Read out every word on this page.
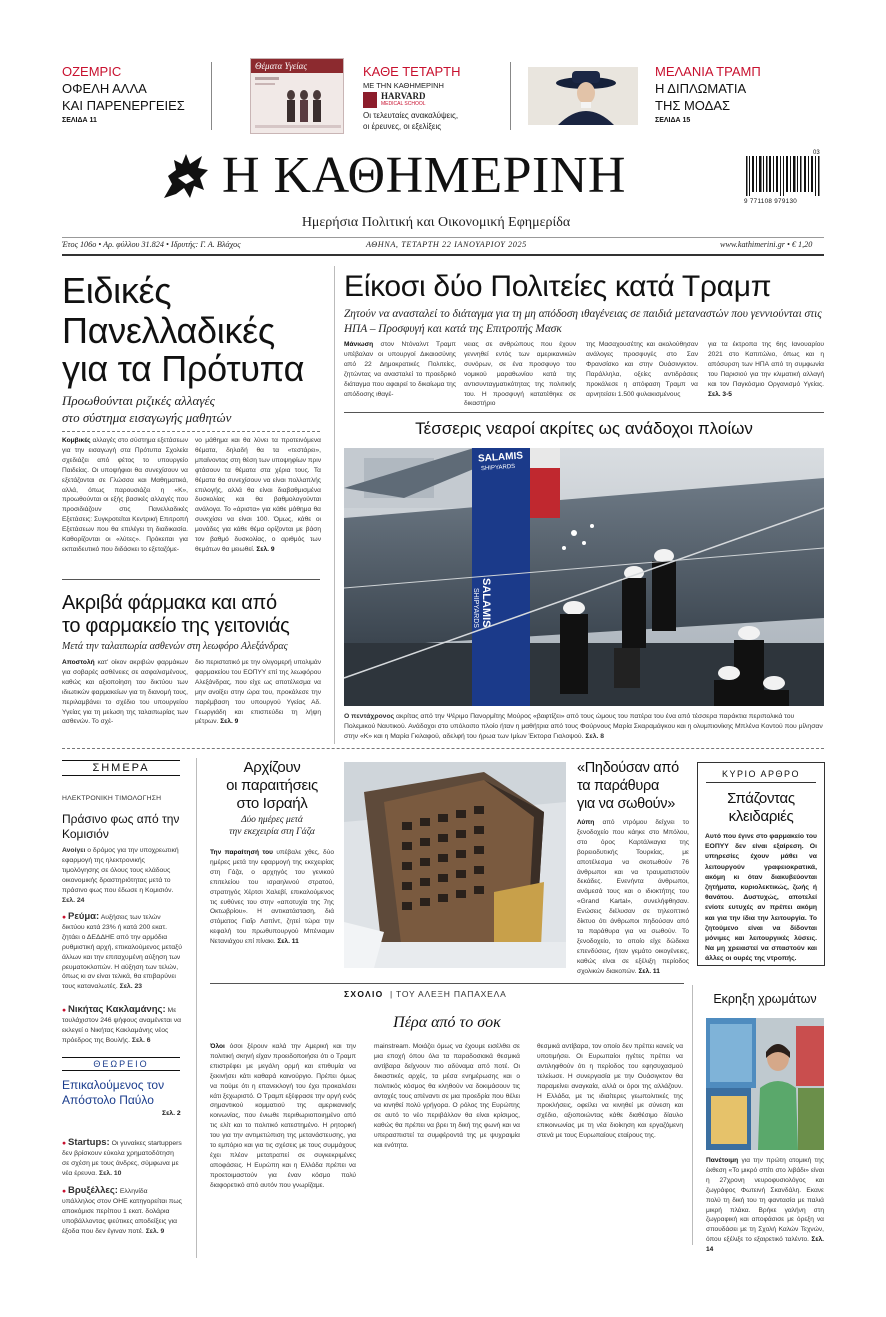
OZEMPIC
ΟΦΕΛΗ ΑΛΛΑ
ΚΑΙ ΠΑΡΕΝΕΡΓΕΙΕΣ
ΣΕΛΙΔΑ 11
Θέματα Υγείας	ΚΑΘΕ ΤΕΤΑΡΤΗ
ΜΕ ΤΗΝ ΚΑΘΗΜΕΡΙΝΗ
HARVARD
MEDICAL SCHOOL
Οι τελευταίες ανακαλύψεις,
οι έρευνες, οι εξελίξεις
ΜΕΛΑΝΙΑ ΤΡΑΜΠ
Η ΔΙΠΛΩΜΑΤΙΑ
ΤΗΣ ΜΟΔΑΣ
ΣΕΛΙΔΑ 15
Η ΚΑΘΗΜΕΡΙΝΗ
Ημερήσια Πολιτική και Οικονομική Εφημερίδα
03
9 771108 979130
Έτος 106ο • Αρ. φύλλου 31.824 • Ιδρυτής: Γ. Α. Βλάχος	ΑΘΗΝΑ, ΤΕΤΑΡΤΗ 22 ΙΑΝΟΥΑΡΙΟΥ 2025	www.kathimerini.gr • € 1,20
Ειδικές
Πανελλαδικές
για τα Πρότυπα
Προωθούνται ριζικές αλλαγές
στο σύστημα εισαγωγής μαθητών
Κομβικές αλλαγές στο σύστημα εξετάσεων για την εισαγωγή στα Πρότυπα Σχολεία σχεδιάζει από φέτος το υπουργείο Παιδείας. Οι υποψήφιοι θα συνεχίσουν να εξετάζονται σε Γλώσσα και Μαθηματικά, αλλά, όπως παρουσιάζει η «Κ», προωθούνται οι εξής βασικές αλλαγές που προσιδιάζουν στις Πανελλαδικές Εξετάσεις: Συγκροτείται Κεντρική Επιτροπή Εξετάσεων που θα επιλέγει τη διαδικασία. Καθορίζονται οι «λύτες». Πρόκειται για εκπαιδευτικό που διδάσκει το εξεταζόμε-
νο μάθημα και θα λύνει τα προτεινόμενα θέματα, δηλαδή θα τα «τεστάρει», μπαίνοντας στη θέση των υποψηφίων πριν φτάσουν τα θέματα στα χέρια τους. Τα θέματα θα συνεχίσουν να είναι πολλαπλής επιλογής, αλλά θα είναι διαβαθμισμένα δυσκολίας και θα βαθμολογούνται ανάλογα. Το «άριστα» για κάθε μάθημα θα συνεχίσει να είναι 100. Όμως, κάθε οι μονάδες για κάθε θέμα ορίζονται με βάση τον βαθμό δυσκολίας, ο αριθμός των θεμάτων θα μειωθεί. Σελ. 9
Ακριβά φάρμακα και από
το φαρμακείο της γειτονιάς
Μετά την ταλαιπωρία ασθενών στη λεωφόρο Αλεξάνδρας
Αποστολή κατ' οίκον ακριβών φαρμάκων για σοβαρές ασθένειες σε ασφαλισμένους, καθώς και αξιοποίηση του δικτύου των ιδιωτικών φαρμακείων για τη διανομή τους, περιλαμβάνει το σχέδιο του υπουργείου Υγείας για τη μείωση της ταλαιπωρίας των ασθενών. Το σχέ-
διο περιστατικό με την ολιγομερή υπολιμάν φαρμακείου του ΕΟΠΥΥ επί της λεωφόρου Αλεξάνδρας, που είχε ως αποτέλεσμα να μην ανοίξει στην ώρα του, προκάλεσε την παρέμβαση του υπουργού Υγείας Αδ. Γεωργιάδη και επισπεύδει τη λήψη μέτρων. Σελ. 9
Είκοσι δύο Πολιτείες κατά Τραμπ
Ζητούν να ανασταλεί το διάταγμα για τη μη απόδοση ιθαγένειας σε παιδιά μεταναστών που γεννιούνται στις ΗΠΑ – Προσφυγή και κατά της Επιτροπής Μασκ
Μάνιωση στον Ντόναλντ Τραμπ υπέβαλαν οι υπουργοί Δικαιοσύνης από 22 Δημοκρατικές Πολιτείες, ζητώντας να ανασταλεί το προεδρικό διάταγμα που αφαιρεί το δικαίωμα της απόδοσης ιθαγέ-
νειας σε ανθρώπους που έχουν γεννηθεί εντός των αμερικανικών συνόρων, σε ένα προσφυγο του νομικού μαραθωνίου κατά της αντισυνταγματικότητας της πολιτικής του. Η προσφυγή κατατέθηκε σε δικαστήριο
της Μασαχουσέτης και ακολούθησαν ανάλογες προσφυγές στο Σαν Φρανσίσκο και στην Ουάσινγκτον. Παράλληλα, οξείες αντιδράσεις προκάλεσε η απόφαση Τραμπ να αρνητείσει 1.500 φυλακισμένους
για τα έκτροπα της 6ης Ιανουαρίου 2021 στο Καπιτώλιο, όπως και η απόσυρση των ΗΠΑ από τη συμφωνία του Παρισιού για την κλιματική αλλαγή και τον Παγκόσμιο Οργανισμό Υγείας. Σελ. 3-5
Τέσσερις νεαροί ακρίτες ως ανάδοχοι πλοίων
SALAMIS
SHIPYARDS
SALAMIS
SHIPYARDS
Ο πεντάχρονος ακρίτας από την Ψέριμο Πανορμίτης Μούρος «βαφτίζει» από τους ώμους του πατέρα του ένα από τέσσερα παράκτια περιπολικά του Πολεμικού Ναυτικού. Ανάδοχοι στο υπόλοιπο πλοίο ήταν η μαθήτρια από τους Φούρνους Μαρία Σκαραμάγκου και η ολυμπιονίκης Μπλένα Κοντού που μίλησαν στην «Κ» και η Μαρία Γκιλαφού, αδελφή του ήρωα των Ιμίων Έκτορα Γιαλοψού. Σελ. 8
ΣΗΜΕΡΑ
ΗΛΕΚΤΡΟΝΙΚΗ ΤΙΜΟΛΟΓΗΣΗ
Πράσινο φως από την Κομισιόν
Ανοίγει ο δρόμος για την υποχρεωτική εφαρμογή της ηλεκτρονικής τιμολόγησης σε όλους τους κλάδους οικονομικής δραστηριότητας μετά το πράσινο φως που έδωσε η Κομισιόν. Σελ. 24
● Ρεύμα: Αυξήσεις των τελών δικτύου κατά 23% ή κατά 200 εκατ. ζητάει ο ΔΕΔΔΗΕ από την αρμόδια ρυθμιστική αρχή, επικαλούμενος μεταξύ άλλων και την επιταχυμένη αύξηση των ρευματοκλοπών. Η αύξηση των τελών, όπως κι αν είναι τελικά, θα επιβαρύνει τους καταναλωτές. Σελ. 23
● Νικήτας Κακλαμάνης: Με τουλάχιστον 246 ψήφους αναμένεται να εκλεγεί ο Νικήτας Κακλαμάνης νέος πρόεδρος της Βουλής. Σελ. 6
ΘΕΩΡΕΙΟ
Επικαλούμενος τον Απόστολο Παύλο
Σελ. 2
● Startups: Οι γυναίκες startuppers δεν βρίσκουν εύκολα χρηματοδότηση σε σχέση με τους άνδρες, σύμφωνα με νέα έρευνα. Σελ. 10
● Βρυξέλλες: Ελληνίδα υπάλληλος στον ΟΗΕ κατηγορείται πως αποκόμισε περίπου 1 εκατ. δολάρια υποβάλλοντας ψεύτικες αποδείξεις για έξοδα που δεν έγιναν ποτέ. Σελ. 9
Αρχίζουν
οι παραιτήσεις
στο Ισραήλ
Δύο ημέρες μετά
την εκεχειρία στη Γάζα
Την παραίτησή του υπέβαλε χθες, δύο ημέρες μετά την εφαρμογή της εκεχειρίας στη Γάζα, ο αρχηγός του γενικού επιτελείου του ισραηλινού στρατού, στρατηγός Χέρτσι Χαλεβί, επικαλούμενος τις ευθύνες του στην «αποτυχία της 7ης Οκτωβρίου». Η αντικατάσταση, διά στόματος Γιαΐρ Λαπίντ, ζητεί τώρα την κεφαλή του πρωθυπουργού Μπένιαμιν Νετανιάχου επί πίνακι. Σελ. 11
«Πηδούσαν από
τα παράθυρα
για να σωθούν»
Λύπη από ντρόμου δείχνει το ξενοδοχείο που κάηκε στο Μπόλου, στο όρος Καρτάλκαγια της βορειοδυτικής Τουρκίας, με αποτέλεσμα να σκοτωθούν 76 άνθρωποι και να τραυματιστούν δεκάδες. Ενενήντα άνθρωποι, ανάμεσά τους και ο ιδιοκτήτης του «Grand Kartal», συνελήφθησαν. Ενώσεις διέλυσαν σε τηλεοπτικό δίκτυο ότι άνθρωποι πηδούσαν από τα παράθυρα για να σωθούν. Το ξενοδοχείο, το οποίο είχε δώδεκα επενδύσεις, ήταν γεμάτο οικογένειες, καθώς είναι σε εξέλιξη περίοδος σχολικών διακοπών. Σελ. 11
ΚΥΡΙΟ ΑΡΘΡΟ
Σπάζοντας
κλειδαριές
Αυτό που έγινε στο φαρμακείο του ΕΟΠΥΥ δεν είναι εξαίρεση. Οι υπηρεσίες έχουν μάθει να λειτουργούν γραφειοκρατικά, ακόμη κι όταν διακυβεύονται ζητήματα, κυριολεκτικώς, ζωής ή θανάτου. Δυστυχώς, αποτελεί ενίοτε ευτυχές αν πρέπει ακόμη και για την ίδια την λειτουργία. Το ζητούμενο είναι να δίδονται μόνιμες και λειτουργικές λύσεις. Να μη χρειαστεί να σπαστούν και άλλες οι ουρές της ντροπής.
ΣΧΟΛΙΟ | ΤΟΥ ΑΛΕΞΗ ΠΑΠΑΧΕΛΑ
Πέρα από το σοκ
Όλοι όσοι ξέρουν καλά την Αμερική και την πολιτική σκηνή είχαν προειδοποιήσει ότι ο Τραμπ επιστρέφει με μεγάλη ορμή και επιθυμία να ξεκινήσει κάτι καθαρά καινούργιο. Πρέπει όμως να πούμε ότι η επανεκλογή του έχει προκαλέσει κάτι ξεχωριστό. Ο Τραμπ εξέφρασε την οργή ενός σημαντικού κομματιού της αμερικανικής κοινωνίας, που ένιωθε περιθωριοποιημένο από τις ελίτ και το πολιτικό κατεστημένο. Η ρητορική του για την αντιμετώπιση της μετανάστευσης, για το εμπόριο και για τις σχέσεις με τους συμμάχους έχει πλέον μετατραπεί σε συγκεκριμένες αποφάσεις. Η Ευρώπη και η Ελλάδα πρέπει να προετοιμαστούν για έναν κόσμο πολύ διαφορετικό από αυτόν που γνωρίζαμε.
mainstream. Μοιάζει όμως να έχουμε εισέλθει σε μια εποχή όπου όλα τα παραδοσιακά θεσμικά αντίβαρα δείχνουν πιο αδύναμα από ποτέ. Οι δικαστικές αρχές, τα μέσα ενημέρωσης και ο πολιτικός κόσμος θα κληθούν να δοκιμάσουν τις αντοχές τους απέναντι σε μια προεδρία που θέλει να κινηθεί πολύ γρήγορα. Ο ρόλος της Ευρώπης σε αυτό το νέο περιβάλλον θα είναι κρίσιμος, καθώς θα πρέπει να βρει τη δική της φωνή και να υπερασπιστεί τα συμφέροντά της με ψυχραιμία και ενότητα.
θεσμικά αντίβαρα, τον οποίο δεν πρέπει κανείς να υποτιμήσει. Οι Ευρωπαίοι ηγέτες πρέπει να αντιληφθούν ότι η περίοδος του εφησυχασμού τελείωσε. Η συνεργασία με την Ουάσιγκτον θα παραμείνει αναγκαία, αλλά οι όροι της αλλάζουν. Η Ελλάδα, με τις ιδιαίτερες γεωπολιτικές της προκλήσεις, οφείλει να κινηθεί με σύνεση και σχέδιο, αξιοποιώντας κάθε διαθέσιμο δίαυλο επικοινωνίας με τη νέα διοίκηση και εργαζόμενη στενά με τους Ευρωπαίους εταίρους της.
Εκρηξη χρωμάτων
Πανέτοιμη για την πρώτη ατομική της έκθεση «Το μικρό σπίτι στο λιβάδι» είναι η 27χρονη νευροφυσιολόγος και ζωγράφος Φωτεινή Σκανδάλη. Εκανε πολύ τη δική του τη φαντασία με παλιά μικρή πλάκα. Βρήκε γαλήνη στη ζωγραφική και αποφάσισε με όρεξη να σπουδάσει με τη Σχολή Καλών Τεχνών, όπου εξέλιξε το εξαιρετικό ταλέντο. Σελ. 14
